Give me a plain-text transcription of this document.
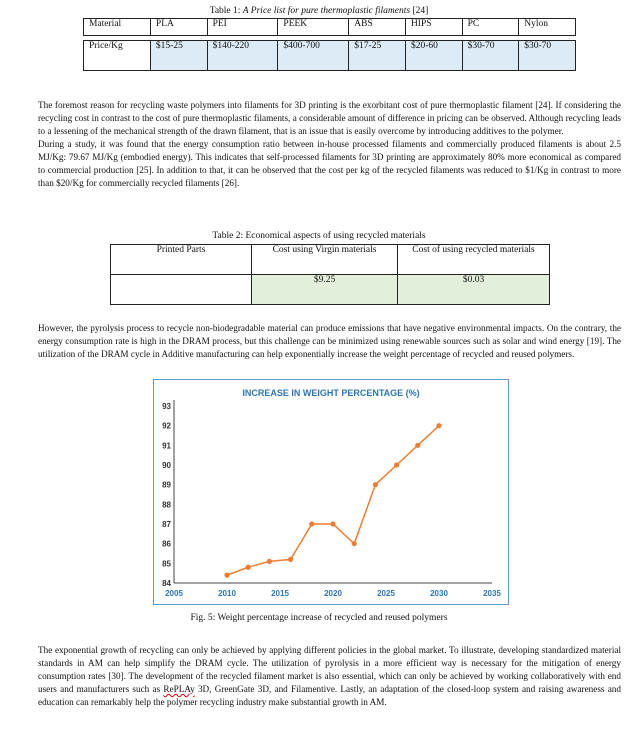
Table 1: A Price list for pure thermoplastic filaments [24]
Material	PLA	PEI	PEEK	ABS	HIPS	PC	Nylon

Price/Kg	$15-25	$140-220	$400-700	$17-25	$20-60	$30-70	$30-70

The foremost reason for recycling waste polymers into filaments for 3D printing is the exorbitant cost of pure thermoplastic filament [24]. If considering the recycling cost in contrast to the cost of pure thermoplastic filaments, a considerable amount of difference in pricing can be observed. Although recycling leads to a lessening of the mechanical strength of the drawn filament, that is an issue that is easily overcome by introducing additives to the polymer.

During a study, it was found that the energy consumption ratio between in-house processed filaments and commercially produced filaments is about 2.5 MJ/Kg: 79.67 MJ/Kg (embodied energy). This indicates that self-processed filaments for 3D printing are approximately 80% more economical as compared to commercial production [25]. In addition to that, it can be observed that the cost per kg of the recycled filaments was reduced to $1/Kg in contrast to more than $20/Kg for commercially recycled filaments [26].

Table 2: Economical aspects of using recycled materials
Printed Parts	Cost using Virgin materials	Cost of using recycled materials
	$9.25	$0.03

However, the pyrolysis process to recycle non-biodegradable material can produce emissions that have negative environmental impacts. On the contrary, the energy consumption rate is high in the DRAM process, but this challenge can be minimized using renewable sources such as solar and wind energy [19]. The utilization of the DRAM cycle in Additive manufacturing can help exponentially increase the weight percentage of recycled and reused polymers.

INCREASE IN WEIGHT PERCENTAGE (%)
84
85
86
87
88
89
90
91
92
93
2005	2010	2015	2020	2025	2030	2035
Fig. 5: Weight percentage increase of recycled and reused polymers

The exponential growth of recycling can only be achieved by applying different policies in the global market. To illustrate, developing standardized material standards in AM can help simplify the DRAM cycle. The utilization of pyrolysis in a more efficient way is necessary for the mitigation of energy consumption rates [30]. The development of the recycled filament market is also essential, which can only be achieved by working collaboratively with end users and manufacturers such as RePLAy 3D, GreenGate 3D, and Filamentive. Lastly, an adaptation of the closed-loop system and raising awareness and education can remarkably help the polymer recycling industry make substantial growth in AM.
